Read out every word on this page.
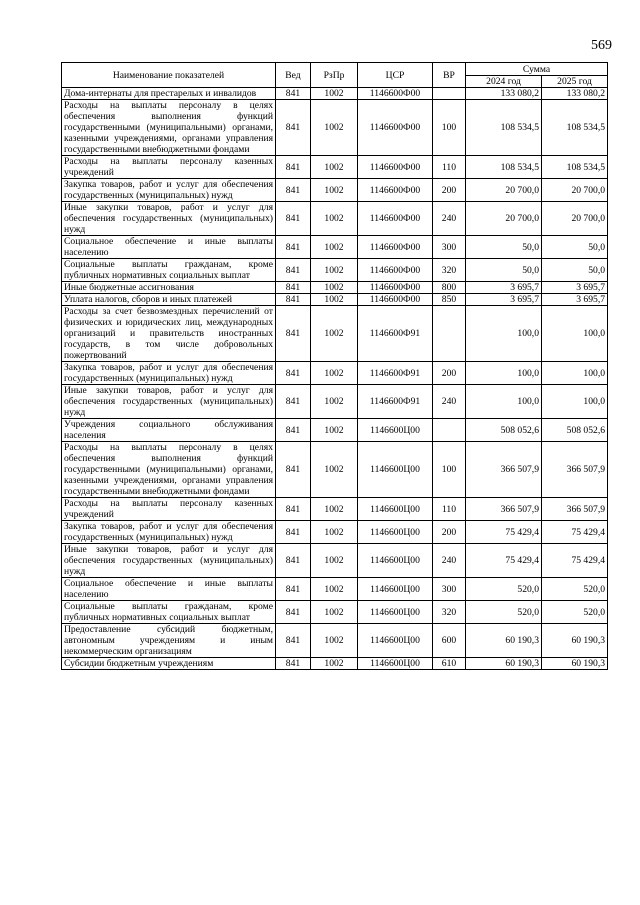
569
Наименование показателей	Вед	РзПр	ЦСР	ВР	Сумма	
					2024 год	2025 год
Дома-интернаты для престарелых и инвалидов	841	1002	1146600Ф00		133 080,2	133 080,2
Расходы на выплаты персоналу в целях обеспечения выполнения функций государственными (муниципальными) органами, казенными учреждениями, органами управления государственными внебюджетными фондами	841	1002	1146600Ф00	100	108 534,5	108 534,5
Расходы на выплаты персоналу казенных учреждений	841	1002	1146600Ф00	110	108 534,5	108 534,5
Закупка товаров, работ и услуг для обеспечения государственных (муниципальных) нужд	841	1002	1146600Ф00	200	20 700,0	20 700,0
Иные закупки товаров, работ и услуг для обеспечения государственных (муниципальных) нужд	841	1002	1146600Ф00	240	20 700,0	20 700,0
Социальное обеспечение и иные выплаты населению	841	1002	1146600Ф00	300	50,0	50,0
Социальные выплаты гражданам, кроме публичных нормативных социальных выплат	841	1002	1146600Ф00	320	50,0	50,0
Иные бюджетные ассигнования	841	1002	1146600Ф00	800	3 695,7	3 695,7
Уплата налогов, сборов и иных платежей	841	1002	1146600Ф00	850	3 695,7	3 695,7
Расходы за счет безвозмездных перечислений от физических и юридических лиц, международных организаций и правительств иностранных государств, в том числе добровольных пожертвований	841	1002	1146600Ф91		100,0	100,0
Закупка товаров, работ и услуг для обеспечения государственных (муниципальных) нужд	841	1002	1146600Ф91	200	100,0	100,0
Иные закупки товаров, работ и услуг для обеспечения государственных (муниципальных) нужд	841	1002	1146600Ф91	240	100,0	100,0
Учреждения социального обслуживания населения	841	1002	1146600Ц00		508 052,6	508 052,6
Расходы на выплаты персоналу в целях обеспечения выполнения функций государственными (муниципальными) органами, казенными учреждениями, органами управления государственными внебюджетными фондами	841	1002	1146600Ц00	100	366 507,9	366 507,9
Расходы на выплаты персоналу казенных учреждений	841	1002	1146600Ц00	110	366 507,9	366 507,9
Закупка товаров, работ и услуг для обеспечения государственных (муниципальных) нужд	841	1002	1146600Ц00	200	75 429,4	75 429,4
Иные закупки товаров, работ и услуг для обеспечения государственных (муниципальных) нужд	841	1002	1146600Ц00	240	75 429,4	75 429,4
Социальное обеспечение и иные выплаты населению	841	1002	1146600Ц00	300	520,0	520,0
Социальные выплаты гражданам, кроме публичных нормативных социальных выплат	841	1002	1146600Ц00	320	520,0	520,0
Предоставление субсидий бюджетным, автономным учреждениям и иным некоммерческим организациям	841	1002	1146600Ц00	600	60 190,3	60 190,3
Субсидии бюджетным учреждениям	841	1002	1146600Ц00	610	60 190,3	60 190,3
